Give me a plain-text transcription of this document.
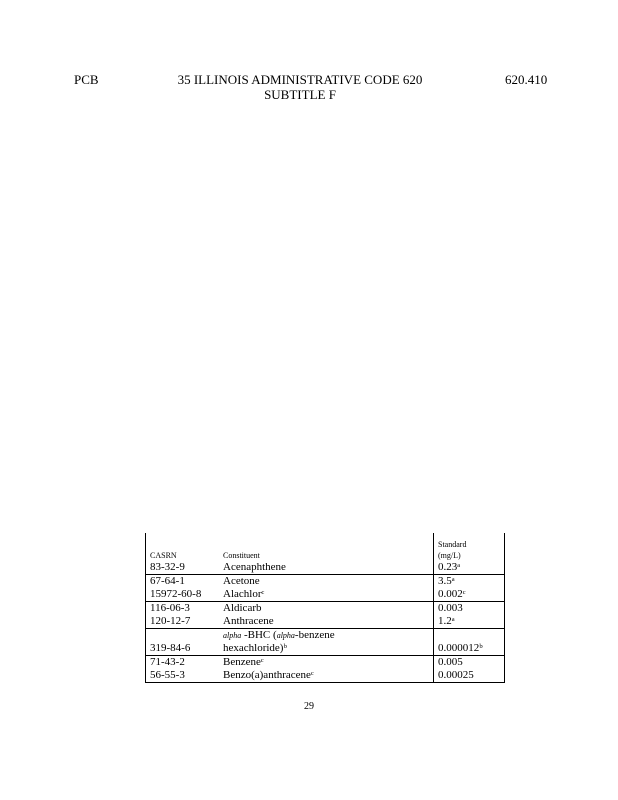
PCB	35 ILLINOIS ADMINISTRATIVE CODE 620
SUBTITLE F
620.410
CASRN	Constituent	Standard
(mg/L)

83-32-9	Acenaphthene	0.23ᵃ
67-64-1	Acetone	3.5ᵃ
15972-60-8	Alachlorᶜ	0.002ᶜ
116-06-3	Aldicarb	0.003
120-12-7	Anthracene	1.2ᵃ
319-84-6	alpha -BHC (alpha-benzene
hexachloride)ᵇ	0.000012ᵇ
71-43-2	Benzeneᶜ	0.005
56-55-3	Benzo(a)anthraceneᶜ	0.00025
29
